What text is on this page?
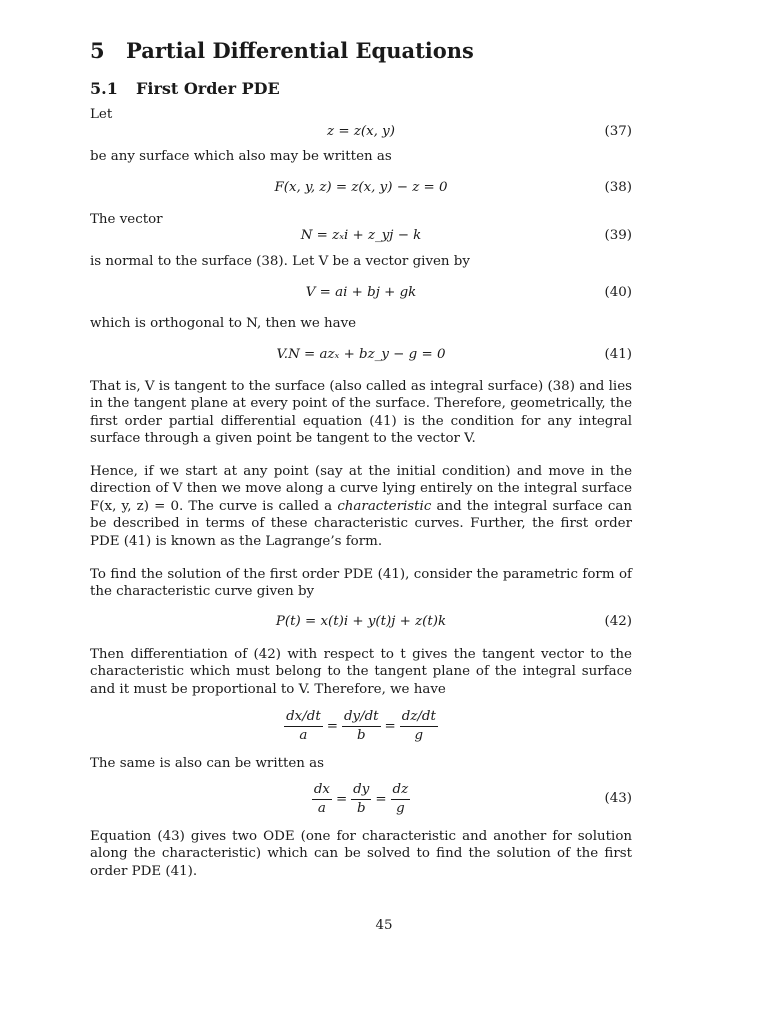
5 Partial Differential Equations
5.1 First Order PDE
Let
z = z(x, y)	(37)
be any surface which also may be written as
F(x, y, z) = z(x, y) − z = 0	(38)
The vector
N = zₓi + z_yj − k	(39)
is normal to the surface (38). Let V be a vector given by
V = ai + bj + gk	(40)
which is orthogonal to N, then we have
V.N = azₓ + bz_y − g = 0	(41)
That is, V is tangent to the surface (also called as integral surface) (38) and lies in the tangent plane at every point of the surface. Therefore, geometrically, the first order partial differential equation (41) is the condition for any integral surface through a given point be tangent to the vector V.
Hence, if we start at any point (say at the initial condition) and move in the direction of V then we move along a curve lying entirely on the integral surface F(x, y, z) = 0. The curve is called a characteristic and the integral surface can be described in terms of these characteristic curves. Further, the first order PDE (41) is known as the Lagrange’s form.
To find the solution of the first order PDE (41), consider the parametric form of the characteristic curve given by
P(t) = x(t)i + y(t)j + z(t)k	(42)
Then differentiation of (42) with respect to t gives the tangent vector to the characteristic which must belong to the tangent plane of the integral surface and it must be proportional to V. Therefore, we have
$\frac{dx/dt}{a} = \frac{dy/dt}{b} = \frac{dz/dt}{g}$
The same is also can be written as
$\frac{dx}{a} = \frac{dy}{b} = \frac{dz}{g}$	(43)
Equation (43) gives two ODE (one for characteristic and another for solution along the characteristic) which can be solved to find the solution of the first order PDE (41).
45
